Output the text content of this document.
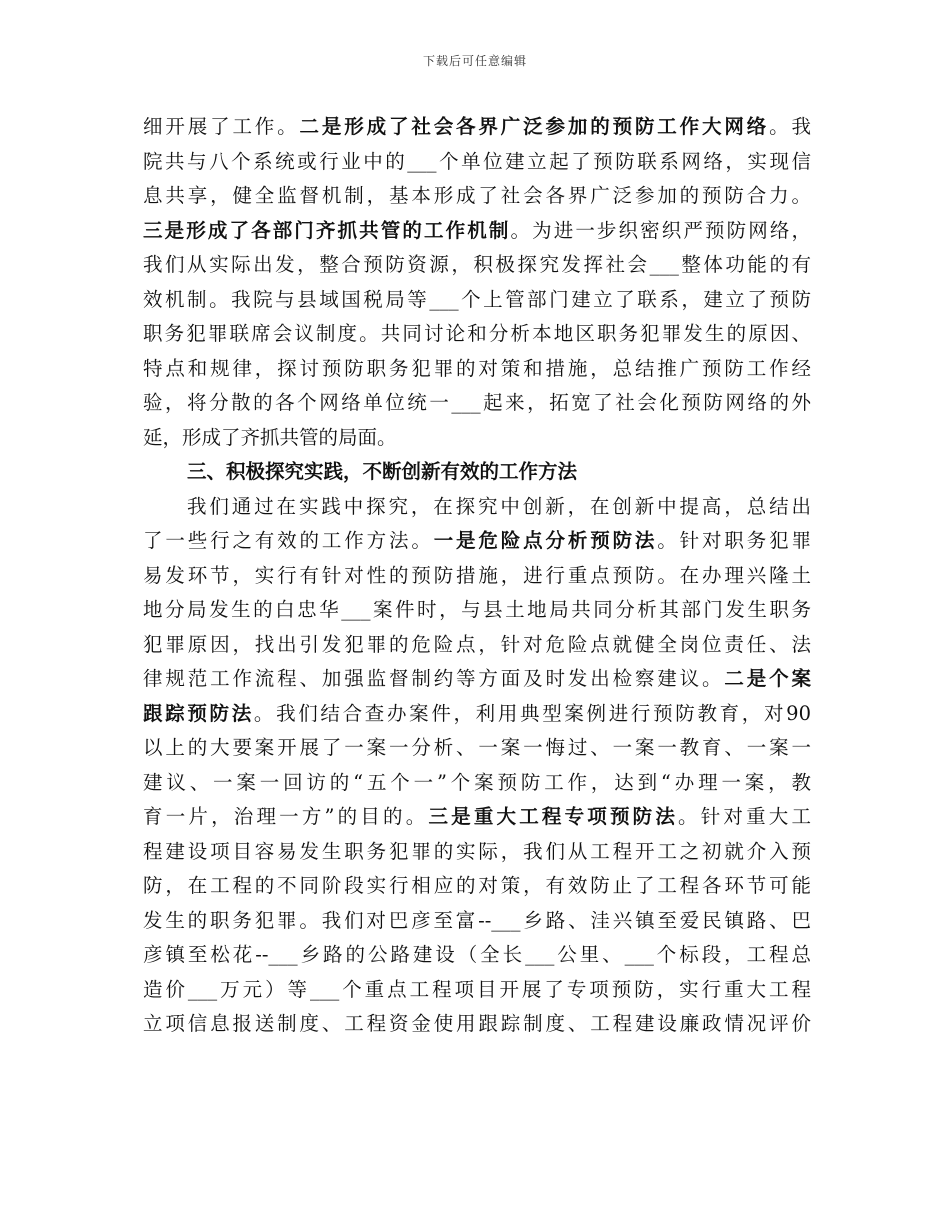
下载后可任意编辑
细开展了工作。二是形成了社会各界广泛参加的预防工作大网络。我
院共与八个系统或行业中的___个单位建立起了预防联系网络，实现信
息共享，健全监督机制，基本形成了社会各界广泛参加的预防合力。
三是形成了各部门齐抓共管的工作机制。为进一步织密织严预防网络，
我们从实际出发，整合预防资源，积极探究发挥社会___整体功能的有
效机制。我院与县域国税局等___个上管部门建立了联系，建立了预防
职务犯罪联席会议制度。共同讨论和分析本地区职务犯罪发生的原因、
特点和规律，探讨预防职务犯罪的对策和措施，总结推广预防工作经
验，将分散的各个网络单位统一___起来，拓宽了社会化预防网络的外
延，形成了齐抓共管的局面。
三、积极探究实践，不断创新有效的工作方法
我们通过在实践中探究，在探究中创新，在创新中提高，总结出
了一些行之有效的工作方法。一是危险点分析预防法。针对职务犯罪
易发环节，实行有针对性的预防措施，进行重点预防。在办理兴隆土
地分局发生的白忠华___案件时，与县土地局共同分析其部门发生职务
犯罪原因，找出引发犯罪的危险点，针对危险点就健全岗位责任、法
律规范工作流程、加强监督制约等方面及时发出检察建议。二是个案
跟踪预防法。我们结合查办案件，利用典型案例进行预防教育，对90
以上的大要案开展了一案一分析、一案一悔过、一案一教育、一案一
建议、一案一回访的“五个一”个案预防工作，达到“办理一案，教
育一片，治理一方”的目的。三是重大工程专项预防法。针对重大工
程建设项目容易发生职务犯罪的实际，我们从工程开工之初就介入预
防，在工程的不同阶段实行相应的对策，有效防止了工程各环节可能
发生的职务犯罪。我们对巴彦至富--___乡路、洼兴镇至爱民镇路、巴
彦镇至松花--___乡路的公路建设（全长___公里、___个标段，工程总
造价___万元）等___个重点工程项目开展了专项预防，实行重大工程
立项信息报送制度、工程资金使用跟踪制度、工程建设廉政情况评价
